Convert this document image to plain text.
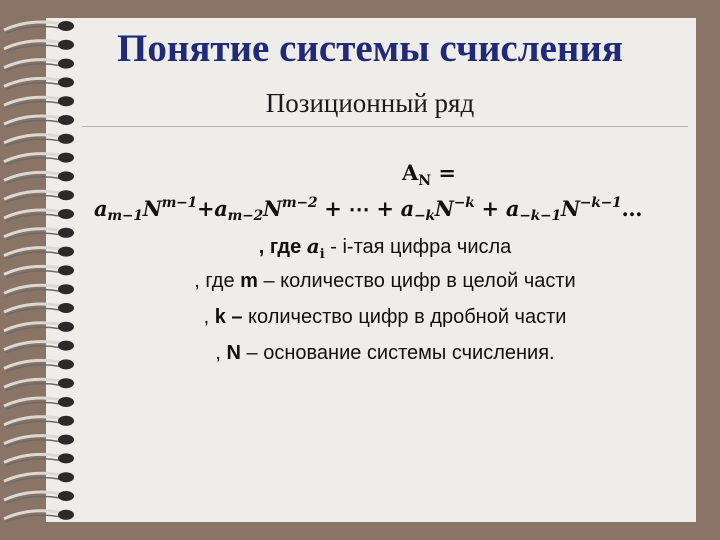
Понятие системы счисления
Позиционный ряд
$A_N$ =
$a_{m-1}N^{m-1}+a_{m-2}N^{m-2}$ + ⋯ + $a_{-k}N^{-k}$ + $a_{-k-1}N^{-k-1}\dots$
, где $a_i - i-тая$ цифра числа
, где m – количество цифр в целой части
, k – количество цифр в дробной части
, N – основание системы счисления.
